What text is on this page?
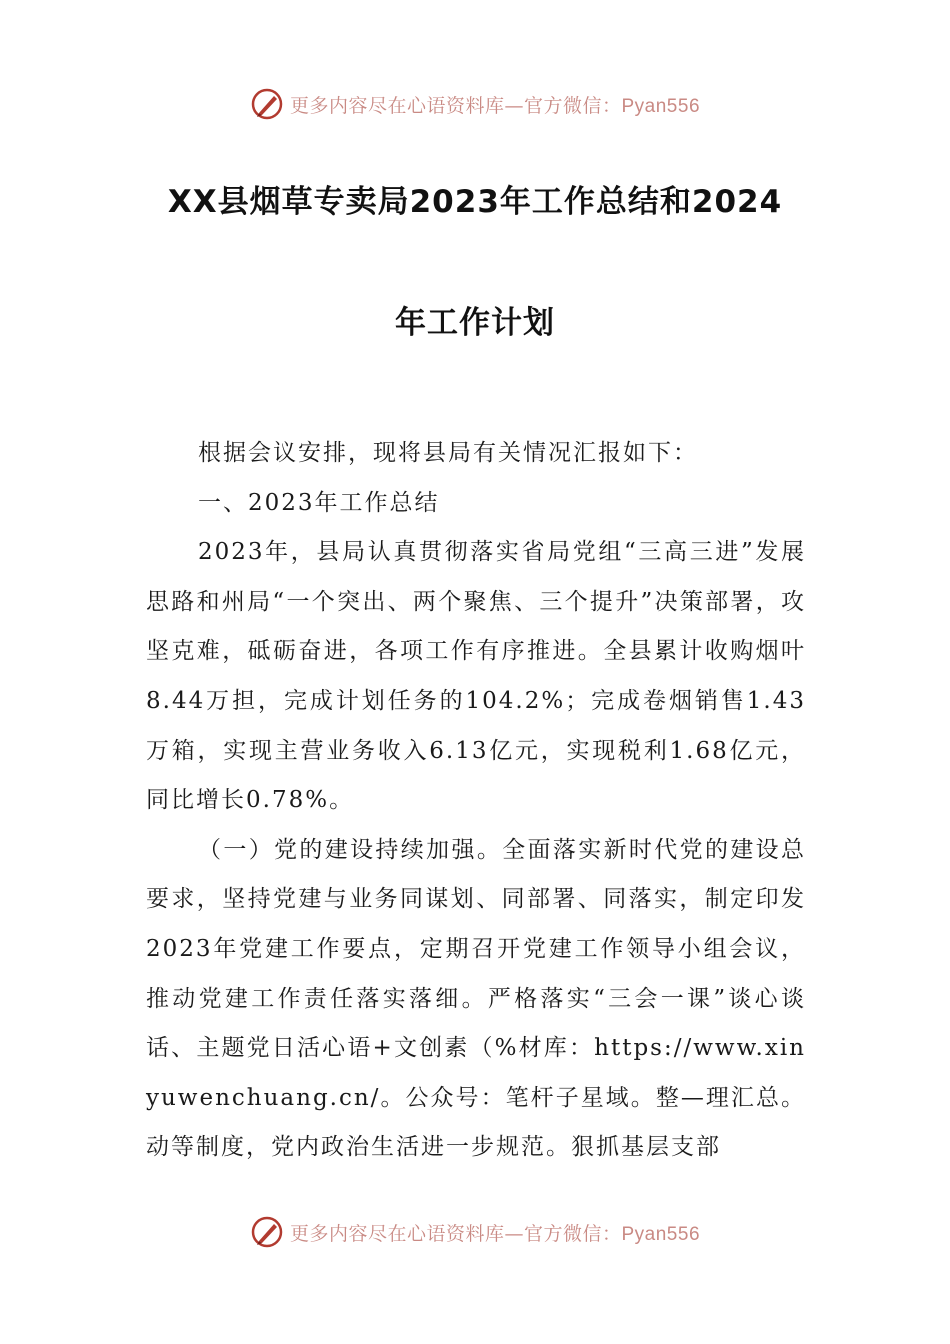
更多内容尽在心语资料库—官方微信：Pyan556
XX县烟草专卖局2023年工作总结和2024
年工作计划

根据会议安排，现将县局有关情况汇报如下：

一、2023年工作总结

2023年，县局认真贯彻落实省局党组“三高三进”发展思路和州局“一个突出、两个聚焦、三个提升”决策部署，攻坚克难，砥砺奋进，各项工作有序推进。全县累计收购烟叶8.44万担，完成计划任务的104.2%；完成卷烟销售1.43万箱，实现主营业务收入6.13亿元，实现税利1.68亿元，同比增长0.78%。

（一）党的建设持续加强。全面落实新时代党的建设总要求，坚持党建与业务同谋划、同部署、同落实，制定印发2023年党建工作要点，定期召开党建工作领导小组会议，推动党建工作责任落实落细。严格落实“三会一课”谈心谈话、主题党日活心语+文创素（%材库：https://www.xinyuwenchuang.cn/。公众号：笔杆子星域。整—理汇总。动等制度，党内政治生活进一步规范。狠抓基层支部

更多内容尽在心语资料库—官方微信：Pyan556
